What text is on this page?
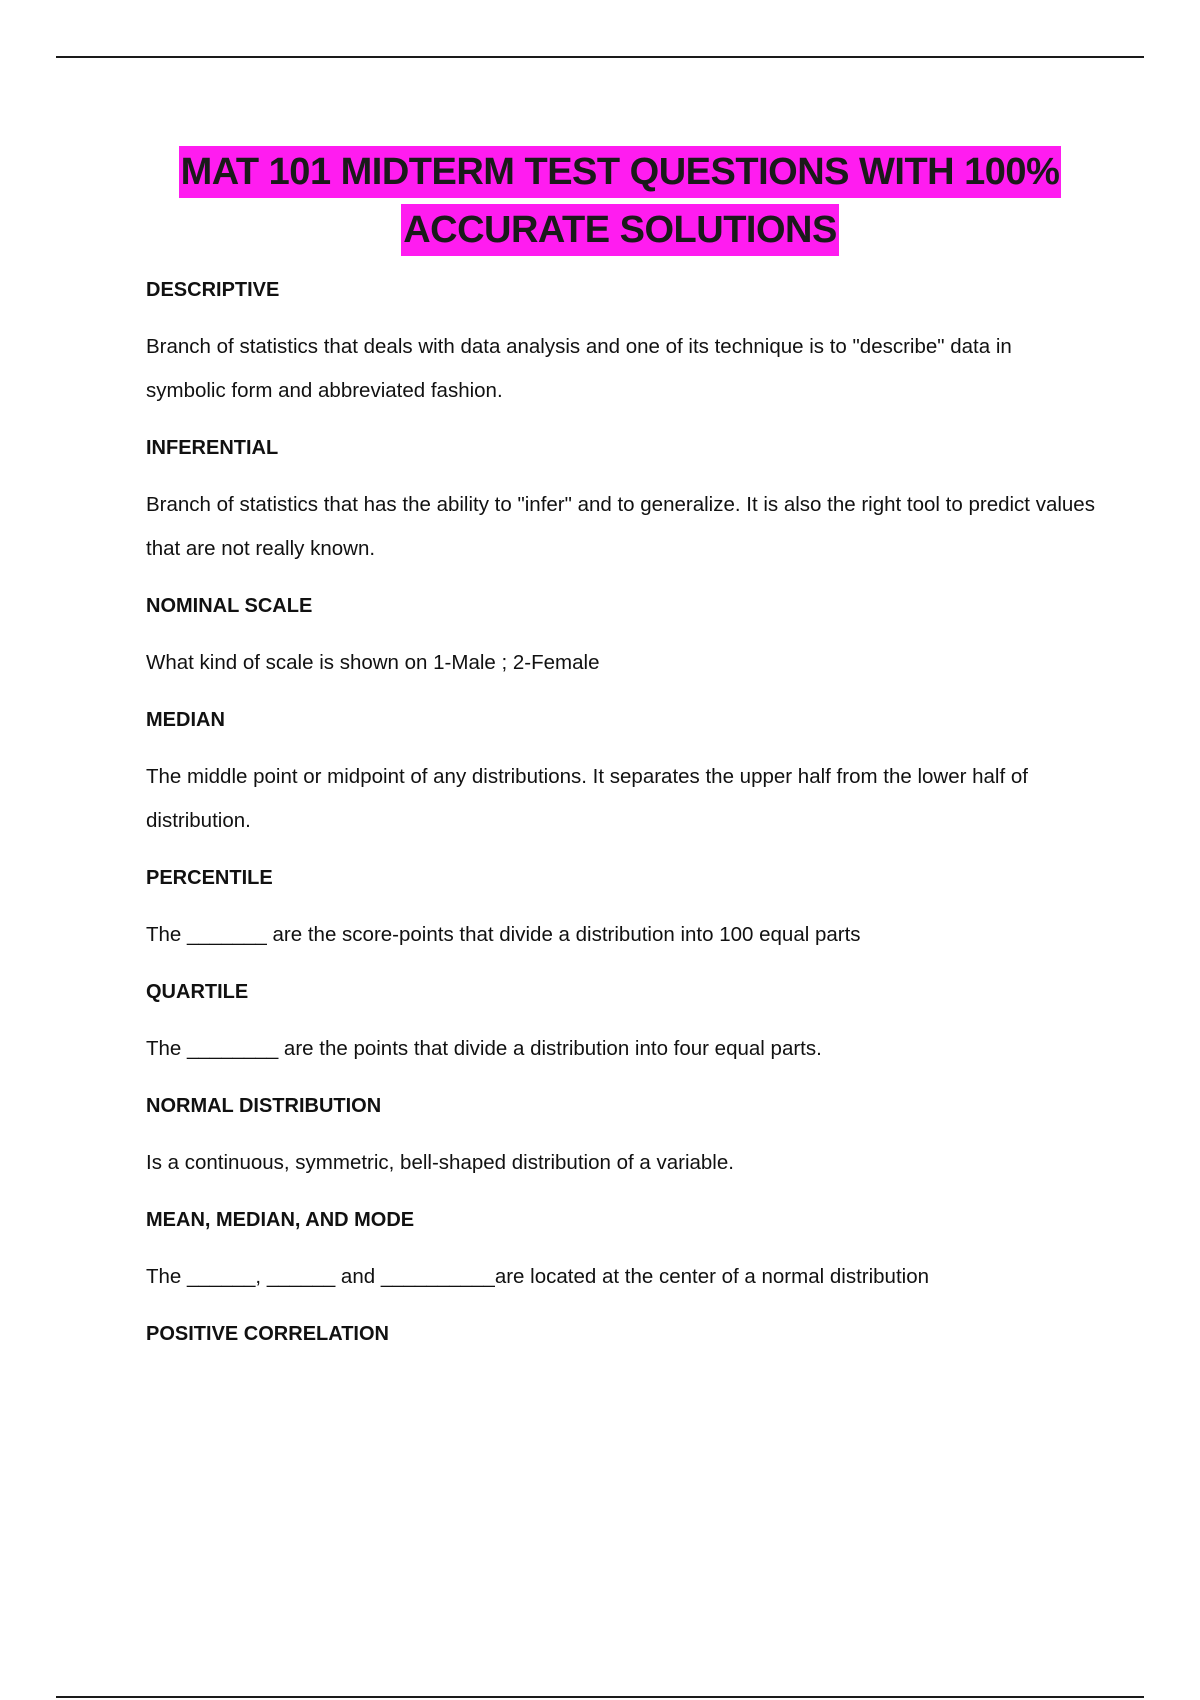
MAT 101 MIDTERM TEST QUESTIONS WITH 100%
ACCURATE SOLUTIONS
DESCRIPTIVE
Branch of statistics that deals with data analysis and one of its technique is to "describe" data in symbolic form and abbreviated fashion.
INFERENTIAL
Branch of statistics that has the ability to "infer" and to generalize. It is also the right tool to predict values that are not really known.
NOMINAL SCALE
What kind of scale is shown on 1-Male ; 2-Female
MEDIAN
The middle point or midpoint of any distributions. It separates the upper half from the lower half of distribution.
PERCENTILE
The _______ are the score-points that divide a distribution into 100 equal parts
QUARTILE
The ________ are the points that divide a distribution into four equal parts.
NORMAL DISTRIBUTION
Is a continuous, symmetric, bell-shaped distribution of a variable.
MEAN, MEDIAN, AND MODE
The ______, ______ and __________are located at the center of a normal distribution
POSITIVE CORRELATION
